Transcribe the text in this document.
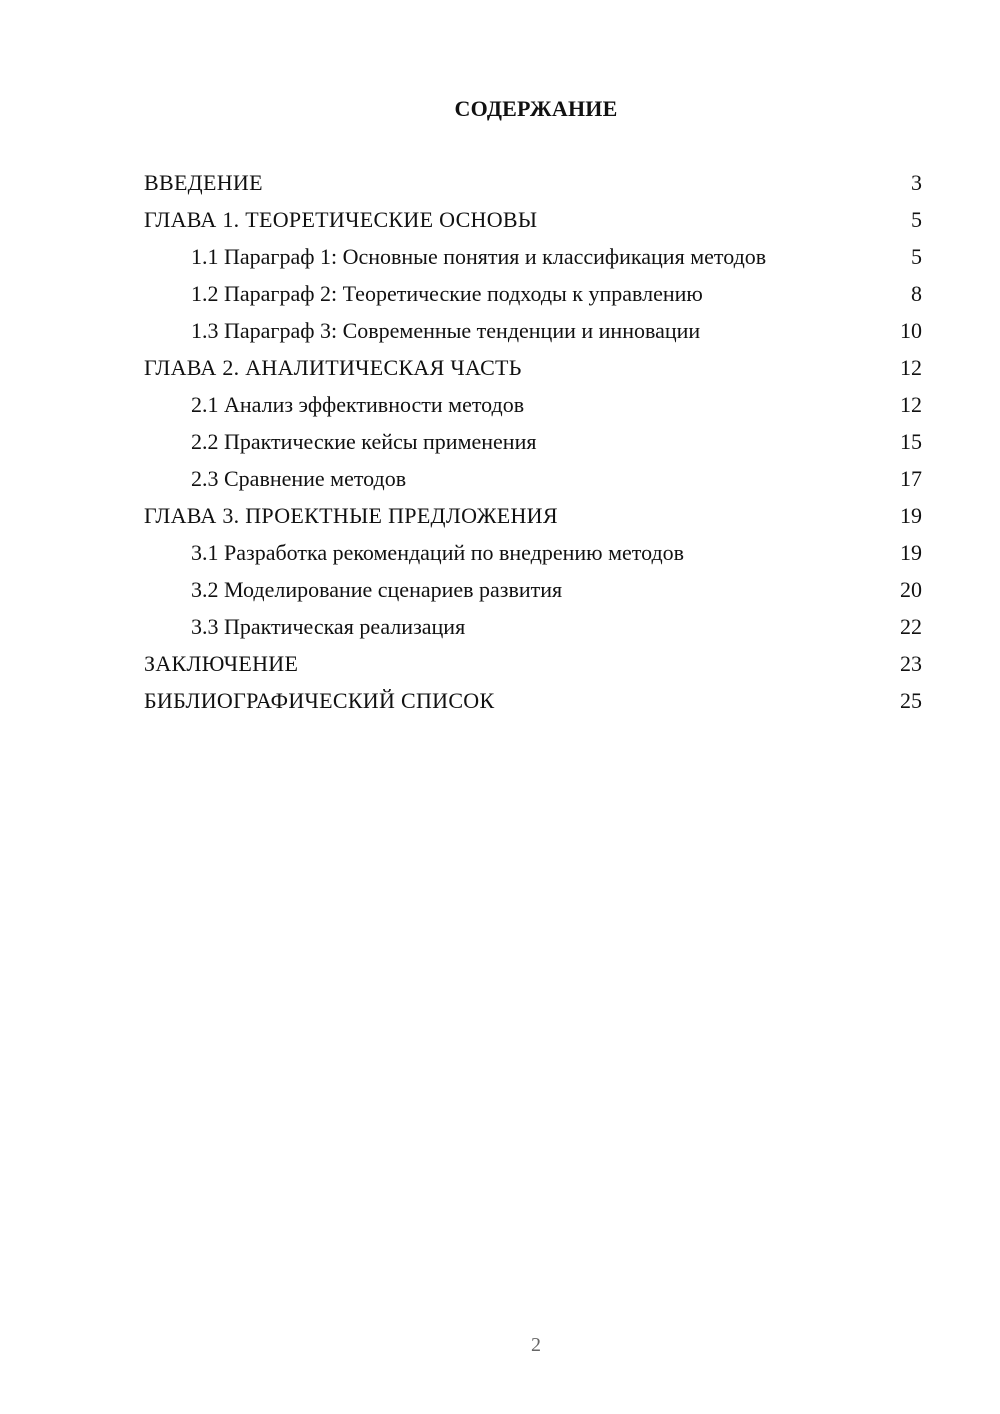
СОДЕРЖАНИЕ
ВВЕДЕНИЕ	3
ГЛАВА 1. ТЕОРЕТИЧЕСКИЕ ОСНОВЫ	5
1.1 Параграф 1: Основные понятия и классификация методов	5
1.2 Параграф 2: Теоретические подходы к управлению	8
1.3 Параграф 3: Современные тенденции и инновации	10
ГЛАВА 2. АНАЛИТИЧЕСКАЯ ЧАСТЬ	12
2.1 Анализ эффективности методов	12
2.2 Практические кейсы применения	15
2.3 Сравнение методов	17
ГЛАВА 3. ПРОЕКТНЫЕ ПРЕДЛОЖЕНИЯ	19
3.1 Разработка рекомендаций по внедрению методов	19
3.2 Моделирование сценариев развития	20
3.3 Практическая реализация	22
ЗАКЛЮЧЕНИЕ	23
БИБЛИОГРАФИЧЕСКИЙ СПИСОК	25
2
